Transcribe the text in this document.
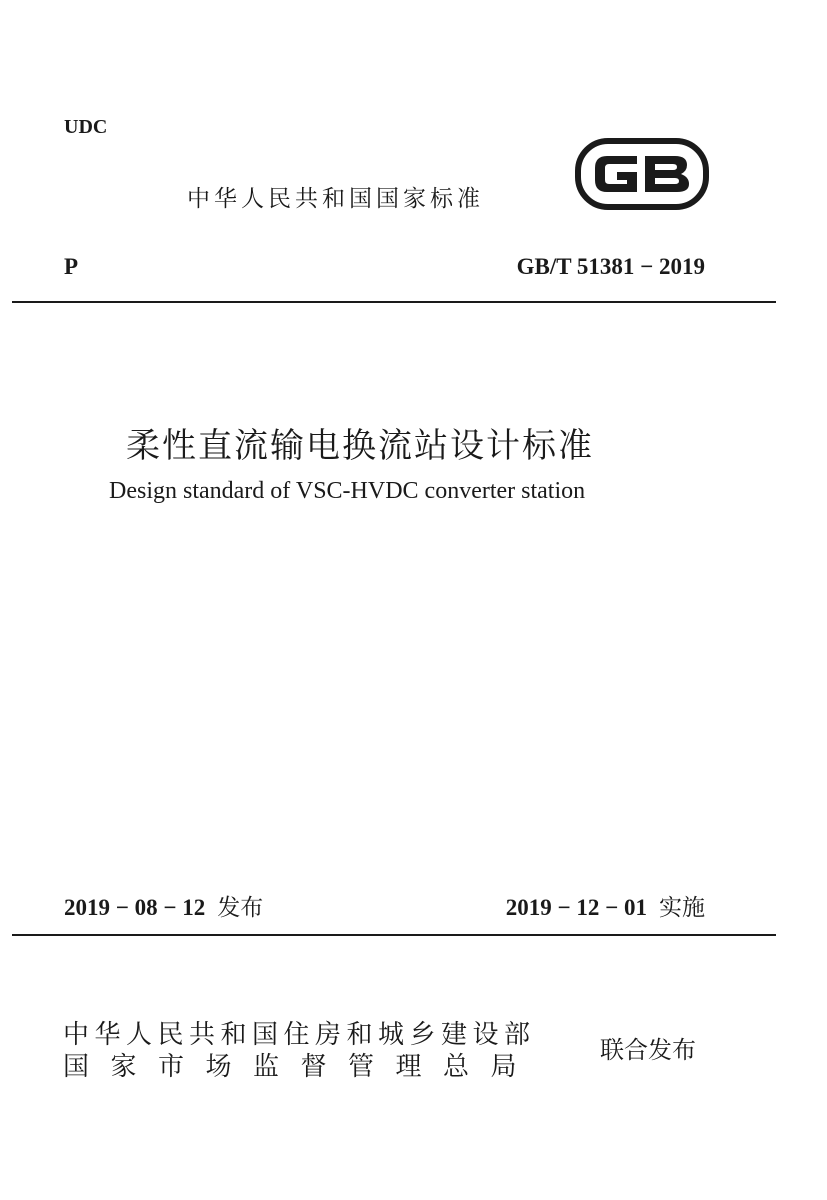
UDC
中华人民共和国国家标准
P	GB/T 51381 − 2019
柔性直流输电换流站设计标准
Design standard of VSC-HVDC converter station
2019 − 08 − 12 发布	2019 − 12 − 01 实施
中华人民共和国住房和城乡建设部
国家市场监督管理总局
联合发布
